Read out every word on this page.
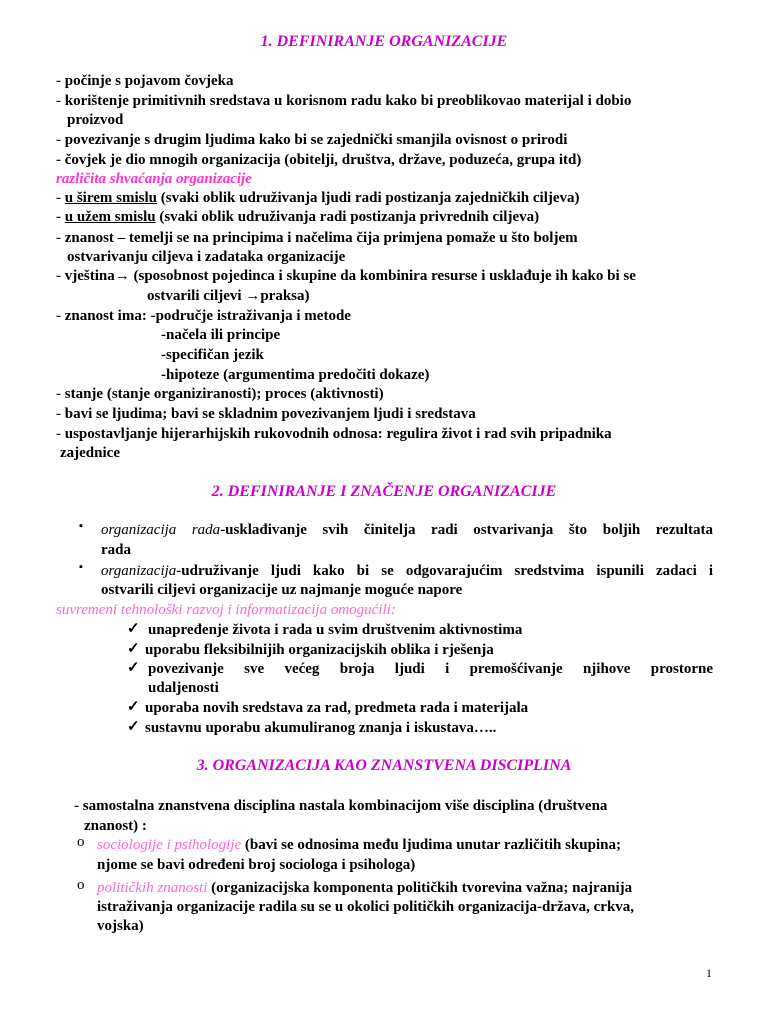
1. DEFINIRANJE ORGANIZACIJE
- počinje s pojavom čovjeka
- korištenje primitivnih sredstava u korisnom radu kako bi preoblikovao materijal i dobio
proizvod
- povezivanje s drugim ljudima kako bi se zajednički smanjila ovisnost o prirodi
- čovjek je dio mnogih organizacija (obitelji, društva, države, poduzeća, grupa itd)
različita shvaćanja organizacije
- u širem smislu (svaki oblik udruživanja ljudi radi postizanja zajedničkih ciljeva)
- u užem smislu (svaki oblik udruživanja radi postizanja privrednih ciljeva)
- znanost – temelji se na principima i načelima čija primjena pomaže u što boljem
ostvarivanju ciljeva i zadataka organizacije
- vještina→ (sposobnost pojedinca i skupine da kombinira resurse i usklađuje ih kako bi se
ostvarili ciljevi →praksa)
- znanost ima: -područje istraživanja i metode
-načela ili principe
-specifičan jezik
-hipoteze (argumentima predočiti dokaze)
- stanje (stanje organiziranosti); proces (aktivnosti)
- bavi se ljudima; bavi se skladnim povezivanjem ljudi i sredstava
- uspostavljanje hijerarhijskih rukovodnih odnosa: regulira život i rad svih pripadnika
zajednice
2. DEFINIRANJE I ZNAČENJE ORGANIZACIJE
▪ organizacija rada-usklađivanje svih činitelja radi ostvarivanja što boljih rezultata
rada
▪ organizacija-udruživanje ljudi kako bi se odgovarajućim sredstvima ispunili zadaci i
ostvarili ciljevi organizacije uz najmanje moguće napore
suvremeni tehnološki razvoj i informatizacija omogućili:
✓ unapređenje života i rada u svim društvenim aktivnostima
✓ uporabu fleksibilnijih organizacijskih oblika i rješenja
✓ povezivanje sve većeg broja ljudi i premošćivanje njihove prostorne
udaljenosti
✓ uporaba novih sredstava za rad, predmeta rada i materijala
✓ sustavnu uporabu akumuliranog znanja i iskustava…..
3. ORGANIZACIJA KAO ZNANSTVENA DISCIPLINA
- samostalna znanstvena disciplina nastala kombinacijom više disciplina (društvena
znanost) :
o sociologije i psihologije (bavi se odnosima među ljudima unutar različitih skupina;
njome se bavi određeni broj sociologa i psihologa)
o političkih znanosti (organizacijska komponenta političkih tvorevina važna; najranija
istraživanja organizacije radila su se u okolici političkih organizacija-država, crkva,
vojska)
1
